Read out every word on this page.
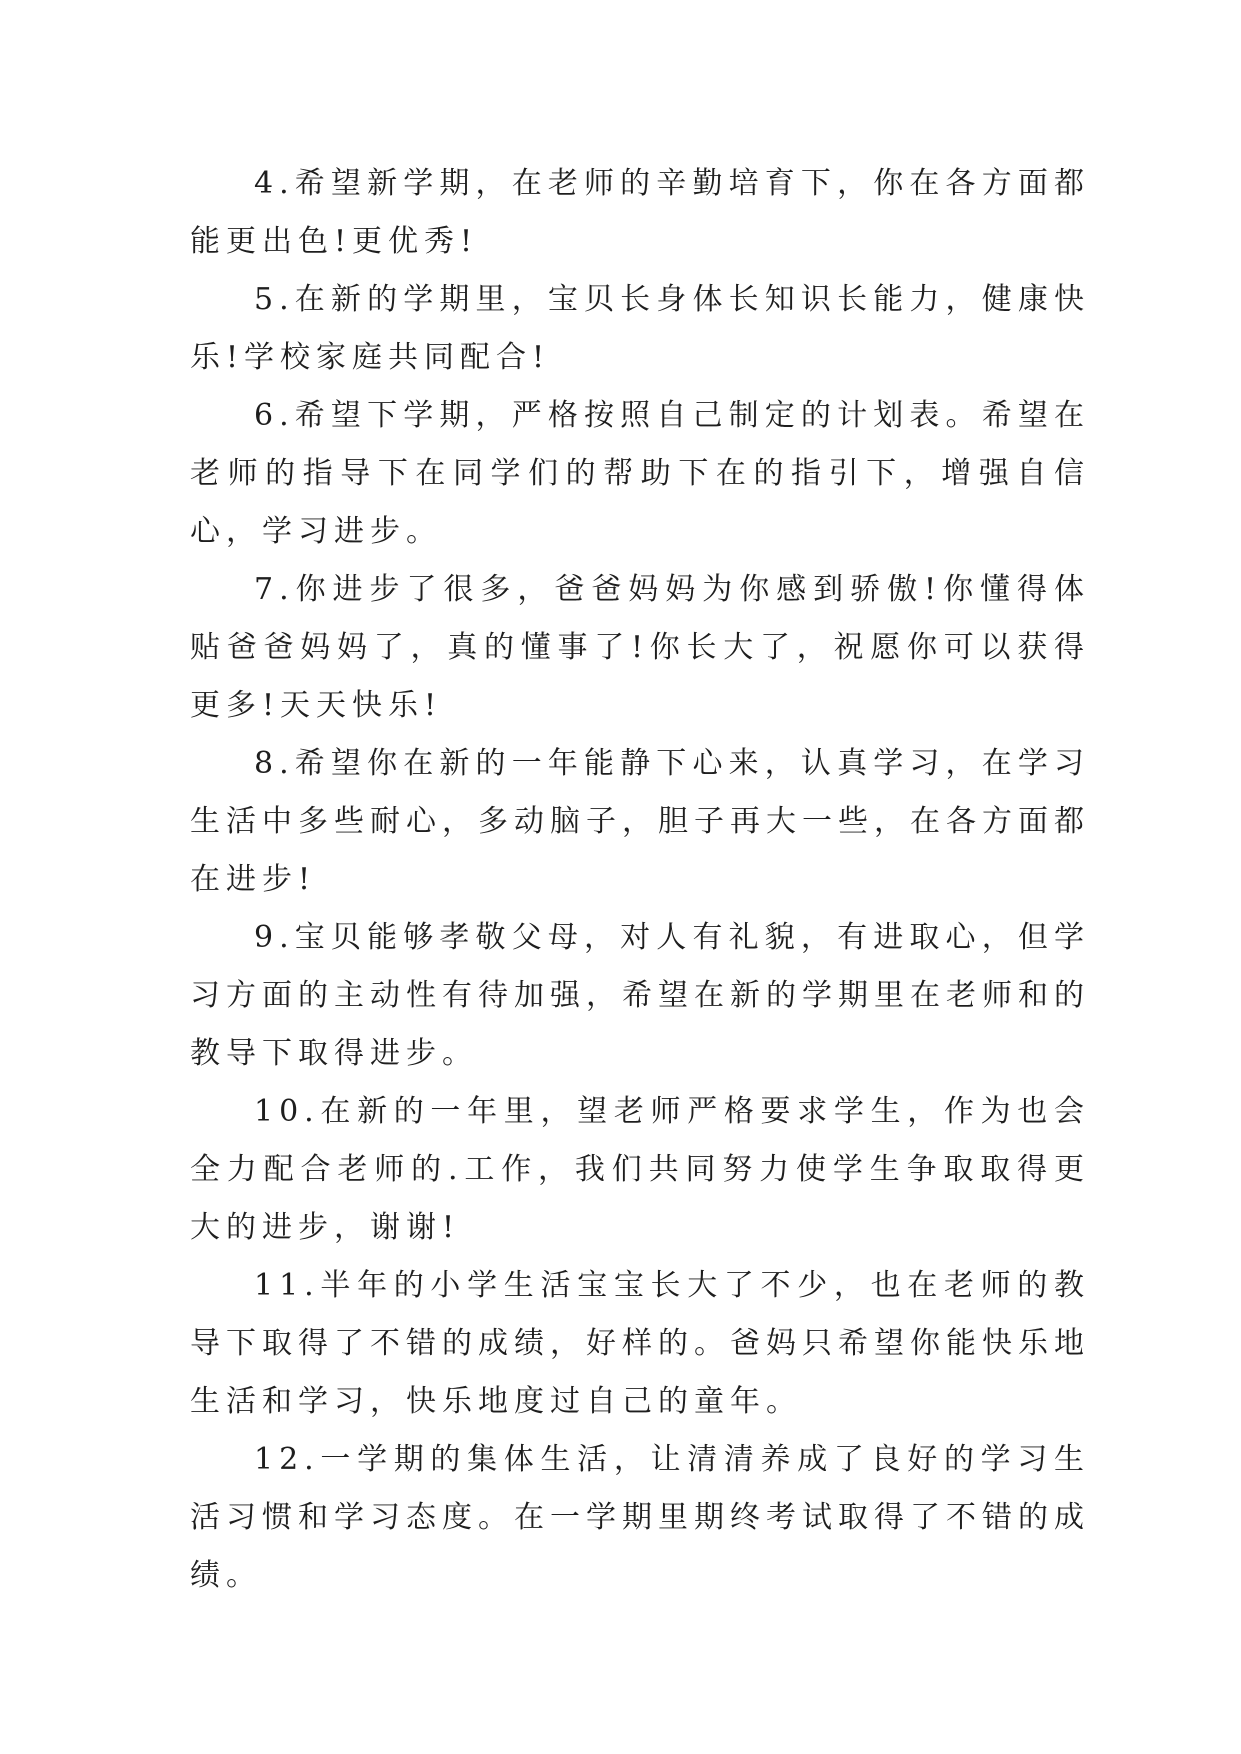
4.希望新学期，在老师的辛勤培育下，你在各方面都能更出色!更优秀!

5.在新的学期里，宝贝长身体长知识长能力，健康快乐!学校家庭共同配合!

6.希望下学期，严格按照自己制定的计划表。希望在老师的指导下在同学们的帮助下在的指引下，增强自信心，学习进步。

7.你进步了很多，爸爸妈妈为你感到骄傲!你懂得体贴爸爸妈妈了，真的懂事了!你长大了，祝愿你可以获得更多!天天快乐!

8.希望你在新的一年能静下心来，认真学习，在学习生活中多些耐心，多动脑子，胆子再大一些，在各方面都在进步!

9.宝贝能够孝敬父母，对人有礼貌，有进取心，但学习方面的主动性有待加强，希望在新的学期里在老师和的教导下取得进步。

10.在新的一年里，望老师严格要求学生，作为也会全力配合老师的.工作，我们共同努力使学生争取取得更大的进步，谢谢!

11.半年的小学生活宝宝长大了不少，也在老师的教导下取得了不错的成绩，好样的。爸妈只希望你能快乐地生活和学习，快乐地度过自己的童年。

12.一学期的集体生活，让清清养成了良好的学习生活习惯和学习态度。在一学期里期终考试取得了不错的成绩。
